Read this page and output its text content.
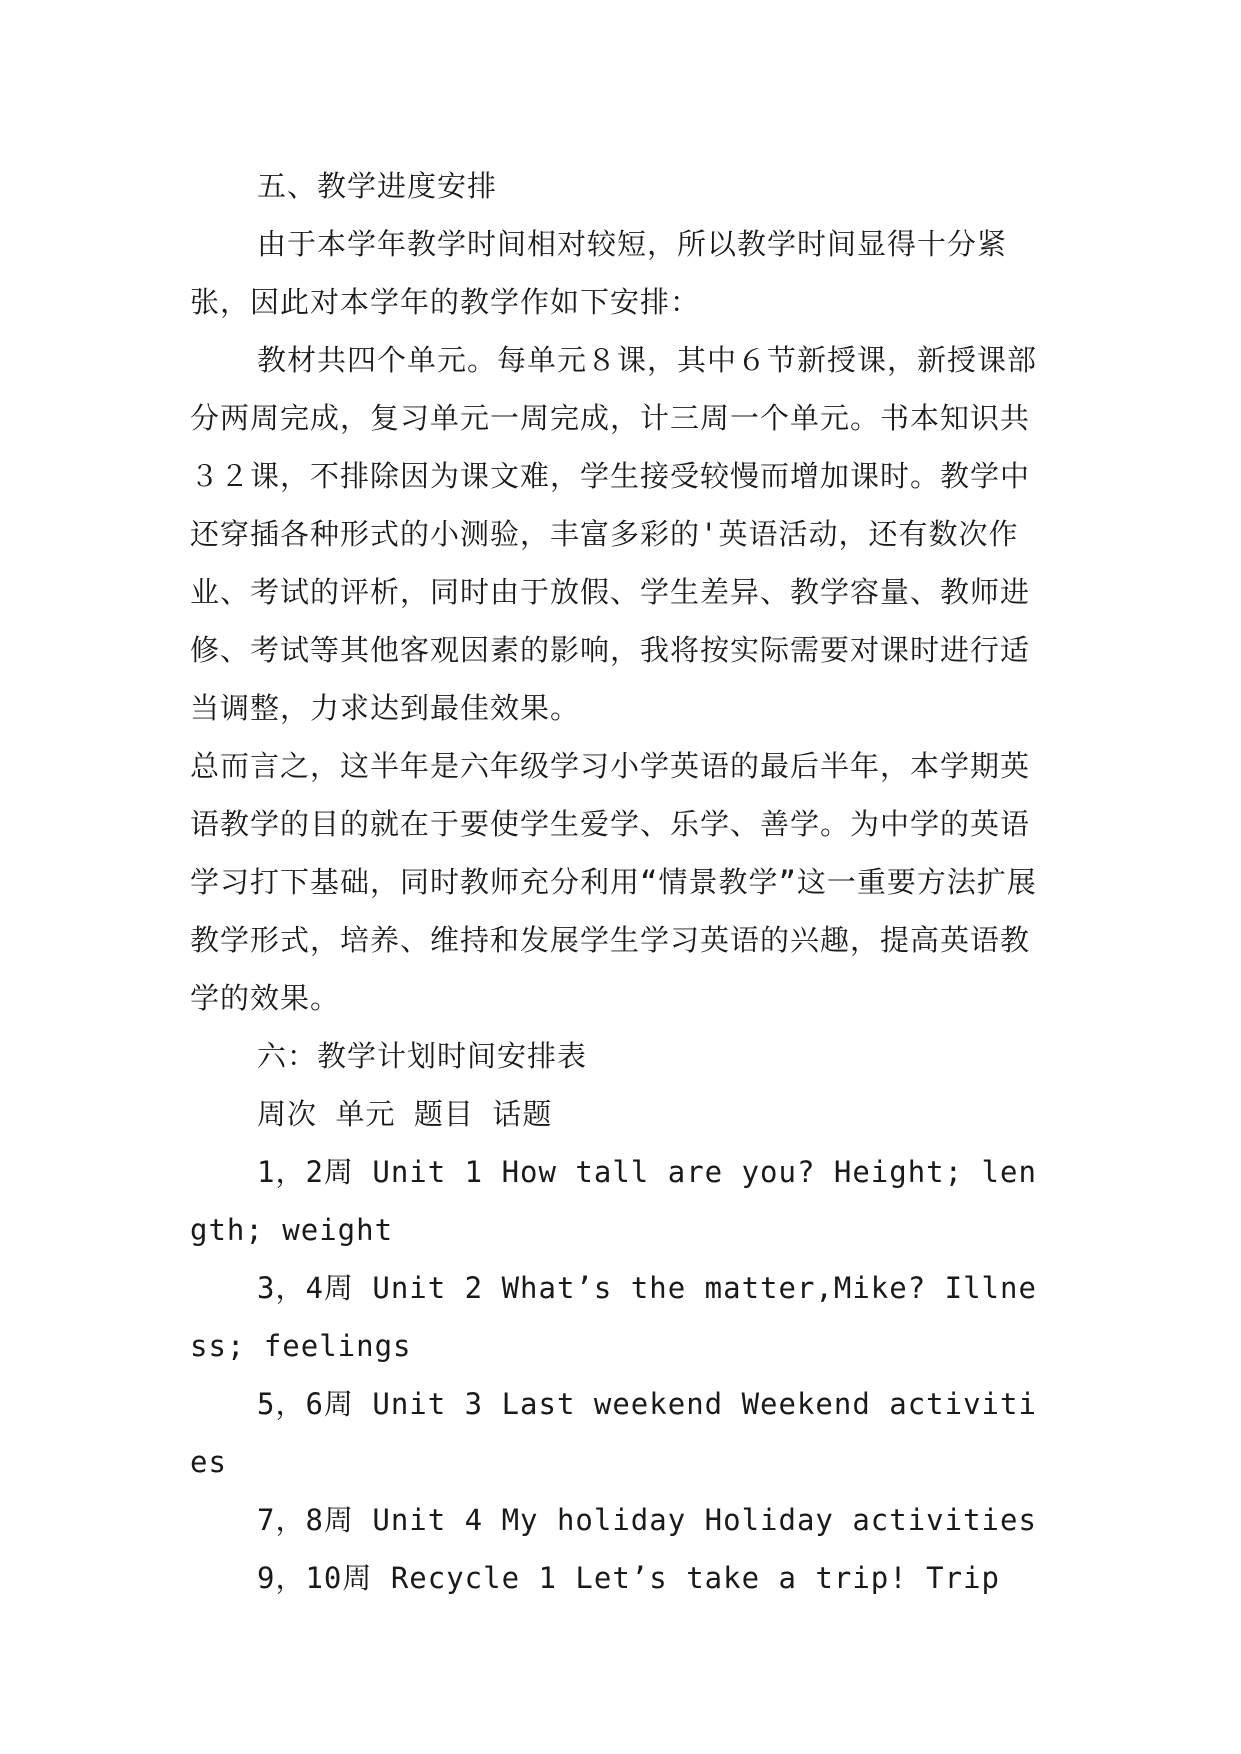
五、教学进度安排

由于本学年教学时间相对较短，所以教学时间显得十分紧张，因此对本学年的教学作如下安排：

教材共四个单元。每单元８课，其中６节新授课，新授课部分两周完成，复习单元一周完成，计三周一个单元。书本知识共３２课，不排除因为课文难，学生接受较慢而增加课时。教学中还穿插各种形式的小测验，丰富多彩的'英语活动，还有数次作业、考试的评析，同时由于放假、学生差异、教学容量、教师进修、考试等其他客观因素的影响，我将按实际需要对课时进行适当调整，力求达到最佳效果。

总而言之，这半年是六年级学习小学英语的最后半年，本学期英语教学的目的就在于要使学生爱学、乐学、善学。为中学的英语学习打下基础，同时教师充分利用“情景教学”这一重要方法扩展教学形式，培养、维持和发展学生学习英语的兴趣，提高英语教学的效果。

六：教学计划时间安排表

周次 单元 题目 话题

1，2周 Unit 1 How tall are you? Height; length; weight

3，4周 Unit 2 What’s the matter,Mike? Illness; feelings

5，6周 Unit 3 Last weekend Weekend activities

7，8周 Unit 4 My holiday Holiday activities

9，10周 Recycle 1 Let’s take a trip! Trip
